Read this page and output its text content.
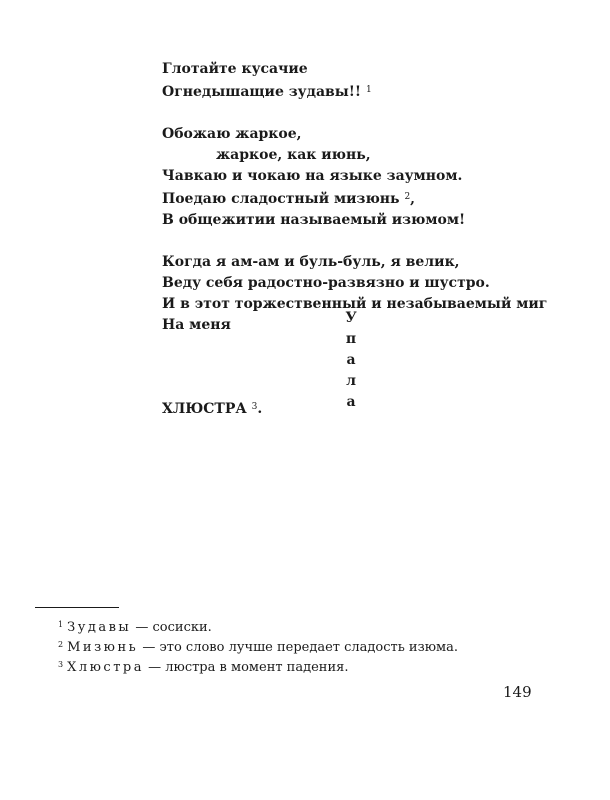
Глотайте кусачие
Огнедышащие зудавы!! $^1$
Обожаю жаркое,
жаркое, как июнь,
Чавкаю и чокаю на языке заумном.
Поедаю сладостный мизюнь $^2$,
В общежитии называемый изюмом!
Когда я ам-ам и буль-буль, я велик,
Веду себя радостно-развязно и шустро.
И в этот торжественный и незабываемый миг
На меня	У
п
а
л
а
ХЛЮСТРА $^3$.
$^1$ Зудавы — сосиски.
$^2$ Мизюнь — это слово лучше передает сладость изюма.
$^3$ Хлюстра — люстра в момент падения.
149
